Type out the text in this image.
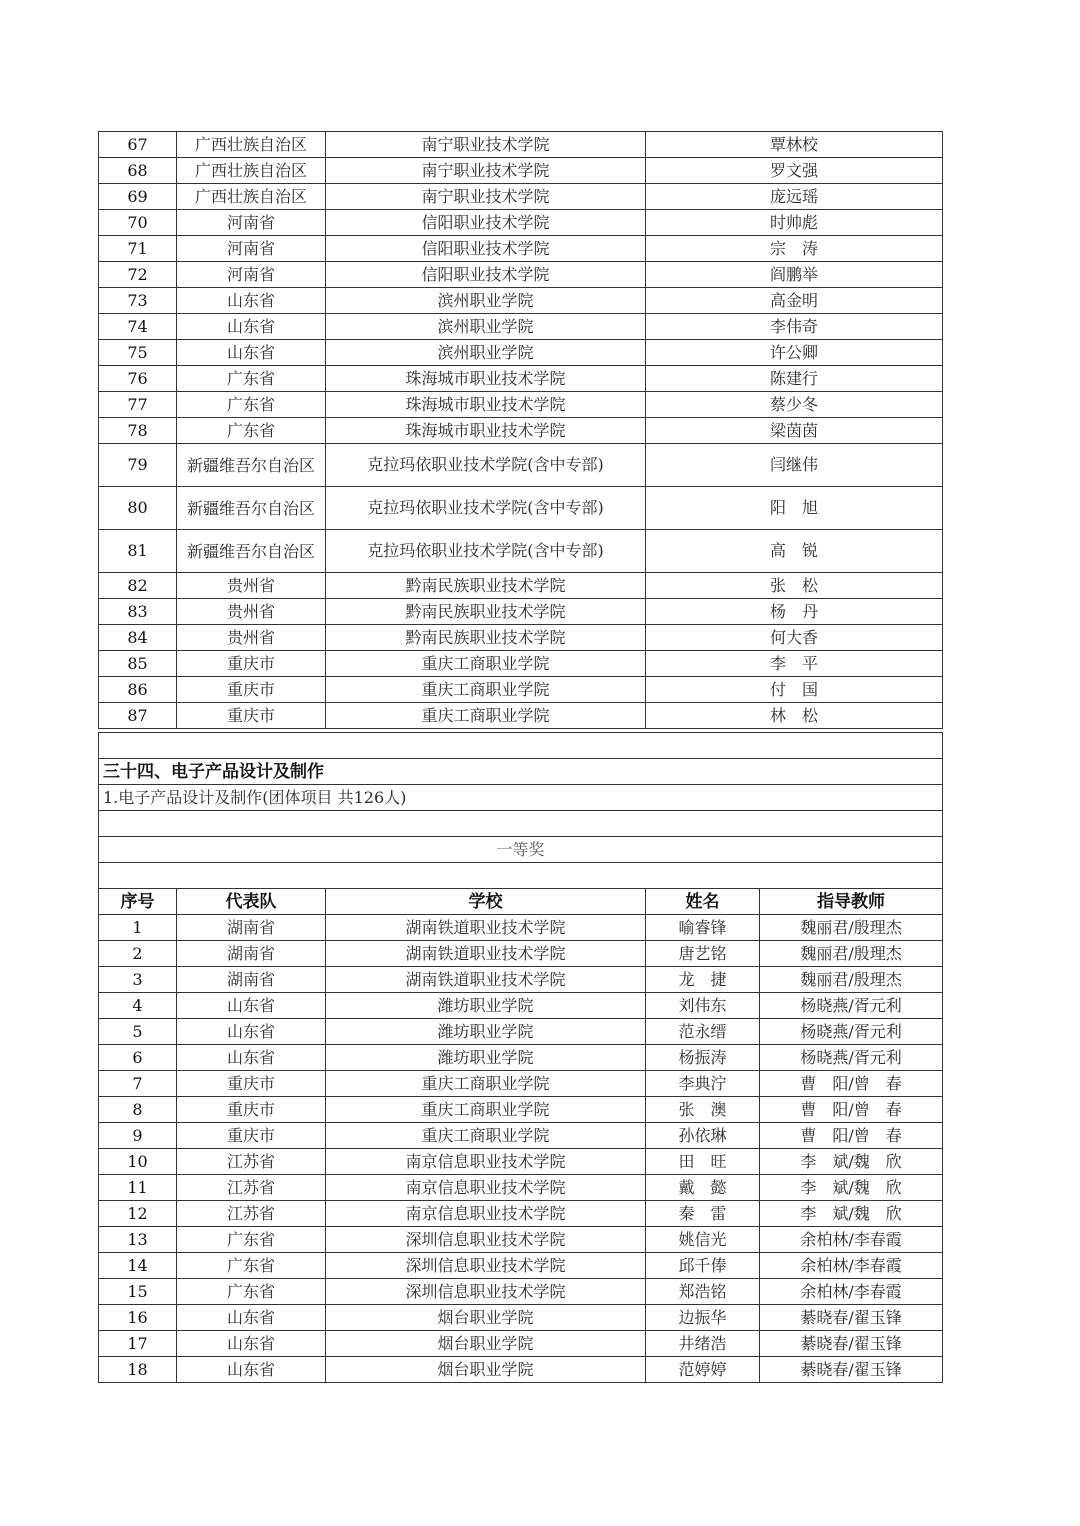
67	广西壮族自治区	南宁职业技术学院	覃林校
68	广西壮族自治区	南宁职业技术学院	罗文强
69	广西壮族自治区	南宁职业技术学院	庞远瑶
70	河南省	信阳职业技术学院	时帅彪
71	河南省	信阳职业技术学院	宗　涛
72	河南省	信阳职业技术学院	阎鹏举
73	山东省	滨州职业学院	高金明
74	山东省	滨州职业学院	李伟奇
75	山东省	滨州职业学院	许公卿
76	广东省	珠海城市职业技术学院	陈建行
77	广东省	珠海城市职业技术学院	蔡少冬
78	广东省	珠海城市职业技术学院	梁茵茵
79	新疆维吾尔自治区	克拉玛依职业技术学院(含中专部)	闫继伟
80	新疆维吾尔自治区	克拉玛依职业技术学院(含中专部)	阳　旭
81	新疆维吾尔自治区	克拉玛依职业技术学院(含中专部)	高　锐
82	贵州省	黔南民族职业技术学院	张　松
83	贵州省	黔南民族职业技术学院	杨　丹
84	贵州省	黔南民族职业技术学院	何大香
85	重庆市	重庆工商职业学院	李　平
86	重庆市	重庆工商职业学院	付　国
87	重庆市	重庆工商职业学院	林　松

三十四、电子产品设计及制作				
1.电子产品设计及制作(团体项目 共126人)				

一等奖				

序号	代表队	学校	姓名	指导教师
1	湖南省	湖南铁道职业技术学院	喻睿锋	魏丽君/殷理杰
2	湖南省	湖南铁道职业技术学院	唐艺铭	魏丽君/殷理杰
3	湖南省	湖南铁道职业技术学院	龙　捷	魏丽君/殷理杰
4	山东省	潍坊职业学院	刘伟东	杨晓燕/胥元利
5	山东省	潍坊职业学院	范永缙	杨晓燕/胥元利
6	山东省	潍坊职业学院	杨振涛	杨晓燕/胥元利
7	重庆市	重庆工商职业学院	李典泞	曹　阳/曾　春
8	重庆市	重庆工商职业学院	张　澳	曹　阳/曾　春
9	重庆市	重庆工商职业学院	孙依琳	曹　阳/曾　春
10	江苏省	南京信息职业技术学院	田　旺	李　斌/魏　欣
11	江苏省	南京信息职业技术学院	戴　懿	李　斌/魏　欣
12	江苏省	南京信息职业技术学院	秦　雷	李　斌/魏　欣
13	广东省	深圳信息职业技术学院	姚信光	余柏林/李春霞
14	广东省	深圳信息职业技术学院	邱千俸	余柏林/李春霞
15	广东省	深圳信息职业技术学院	郑浩铭	余柏林/李春霞
16	山东省	烟台职业学院	边振华	綦晓春/翟玉锋
17	山东省	烟台职业学院	井绪浩	綦晓春/翟玉锋
18	山东省	烟台职业学院	范婷婷	綦晓春/翟玉锋
